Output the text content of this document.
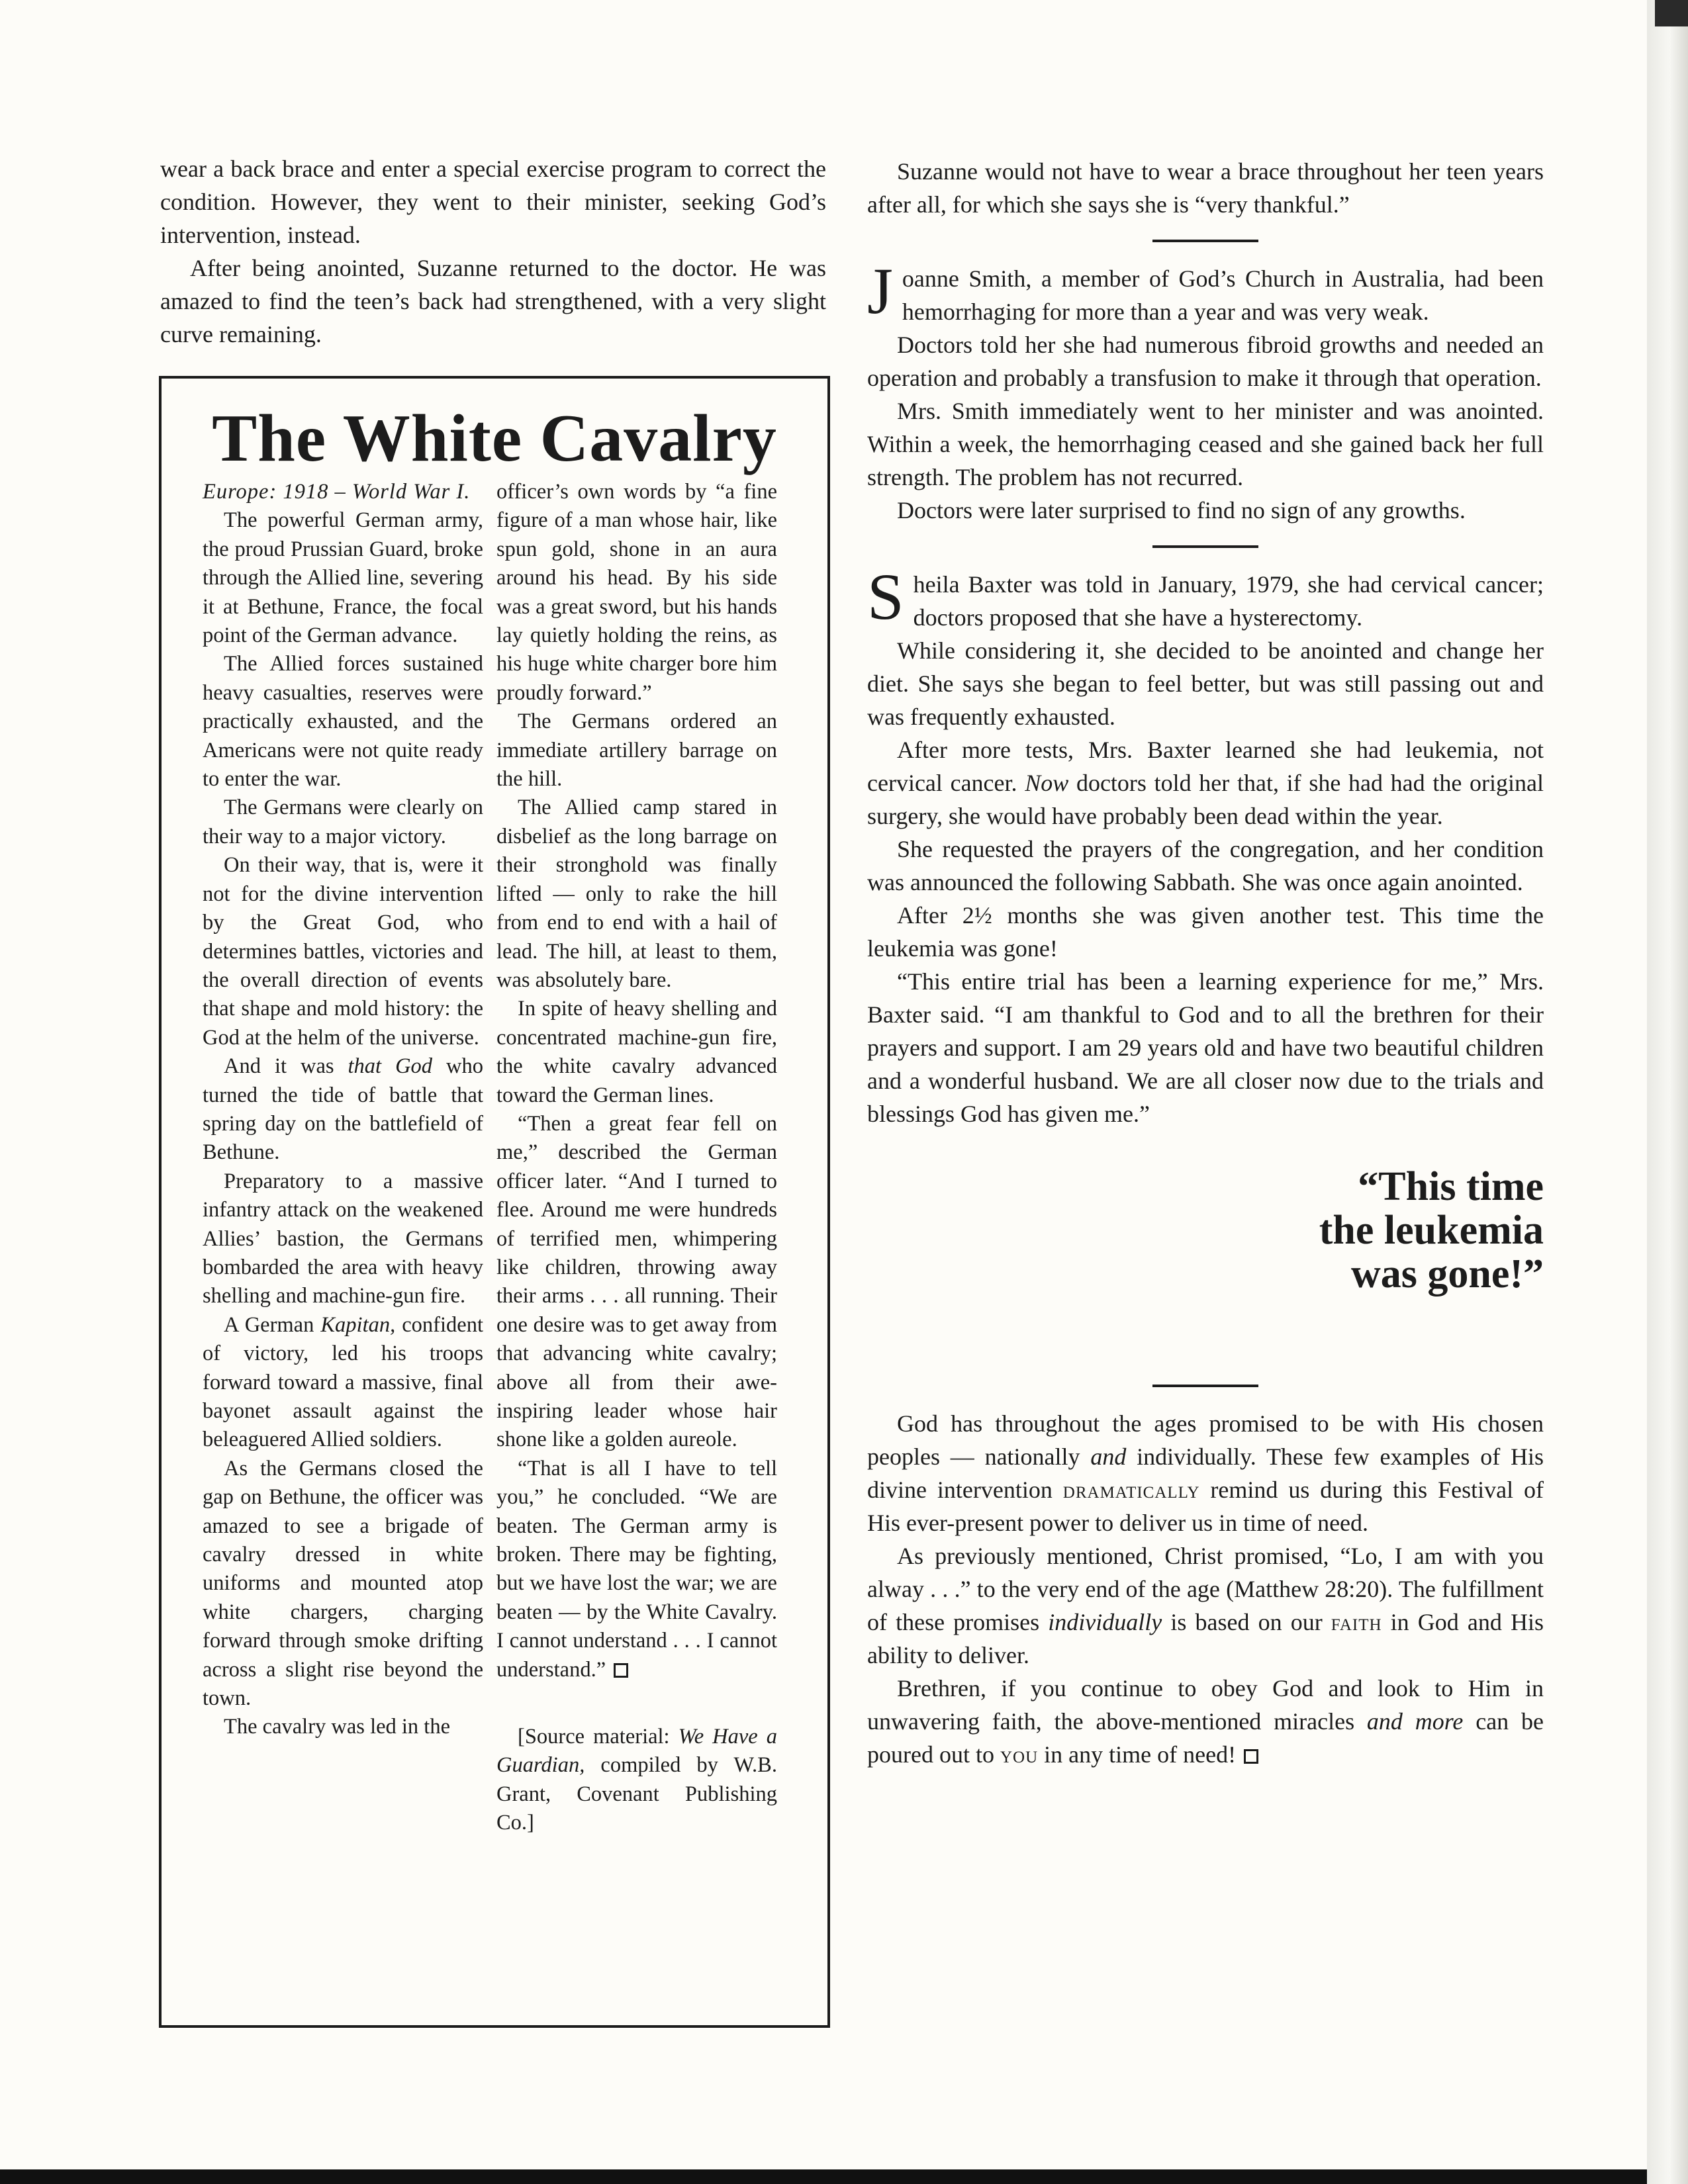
wear a back brace and enter a special exercise program to correct the condition. However, they went to their minister, seeking God’s intervention, instead.

After being anointed, Suzanne returned to the doctor. He was amazed to find the teen’s back had strengthened, with a very slight curve remaining.

The White Cavalry

Europe: 1918 – World War I.

The powerful German army, the proud Prussian Guard, broke through the Allied line, severing it at Bethune, France, the focal point of the German advance.

The Allied forces sustained heavy casualties, reserves were practically exhausted, and the Americans were not quite ready to enter the war.

The Germans were clearly on their way to a major victory.

On their way, that is, were it not for the divine intervention by the Great God, who determines battles, victories and the overall direction of events that shape and mold history: the God at the helm of the universe.

And it was that God who turned the tide of battle that spring day on the battlefield of Bethune.

Preparatory to a massive infantry attack on the weakened Allies’ bastion, the Germans bombarded the area with heavy shelling and machine-gun fire.

A German Kapitan, confident of victory, led his troops forward toward a massive, final bayonet assault against the beleaguered Allied soldiers.

As the Germans closed the gap on Bethune, the officer was amazed to see a brigade of cavalry dressed in white uniforms and mounted atop white chargers, charging forward through smoke drifting across a slight rise beyond the town.

The cavalry was led in the

officer’s own words by “a fine figure of a man whose hair, like spun gold, shone in an aura around his head. By his side was a great sword, but his hands lay quietly holding the reins, as his huge white charger bore him proudly forward.”

The Germans ordered an immediate artillery barrage on the hill.

The Allied camp stared in disbelief as the long barrage on their stronghold was finally lifted — only to rake the hill from end to end with a hail of lead. The hill, at least to them, was absolutely bare.

In spite of heavy shelling and concentrated machine-gun fire, the white cavalry advanced toward the German lines.

“Then a great fear fell on me,” described the German officer later. “And I turned to flee. Around me were hundreds of terrified men, whimpering like children, throwing away their arms . . . all running. Their one desire was to get away from that advancing white cavalry; above all from their awe-inspiring leader whose hair shone like a golden aureole.

“That is all I have to tell you,” he concluded. “We are beaten. The German army is broken. There may be fighting, but we have lost the war; we are beaten — by the White Cavalry. I cannot understand . . . I cannot understand.”

[Source material: We Have a Guardian, compiled by W.B. Grant, Covenant Publishing Co.]

Suzanne would not have to wear a brace throughout her teen years after all, for which she says she is “very thankful.”

Joanne Smith, a member of God’s Church in Australia, had been hemorrhaging for more than a year and was very weak.

Doctors told her she had numerous fibroid growths and needed an operation and probably a transfusion to make it through that operation.

Mrs. Smith immediately went to her minister and was anointed. Within a week, the hemorrhaging ceased and she gained back her full strength. The problem has not recurred.

Doctors were later surprised to find no sign of any growths.

Sheila Baxter was told in January, 1979, she had cervical cancer; doctors proposed that she have a hysterectomy.

While considering it, she decided to be anointed and change her diet. She says she began to feel better, but was still passing out and was frequently exhausted.

After more tests, Mrs. Baxter learned she had leukemia, not cervical cancer. Now doctors told her that, if she had had the original surgery, she would have probably been dead within the year.

She requested the prayers of the congregation, and her condition was announced the following Sabbath. She was once again anointed.

After 2½ months she was given another test. This time the leukemia was gone!

“This entire trial has been a learning experience for me,” Mrs. Baxter said. “I am thankful to God and to all the brethren for their prayers and support. I am 29 years old and have two beautiful children and a wonderful husband. We are all closer now due to the trials and blessings God has given me.”

“This time
the leukemia
was gone!”

God has throughout the ages promised to be with His chosen peoples — nationally and individually. These few examples of His divine intervention dramatically remind us during this Festival of His ever-present power to deliver us in time of need.

As previously mentioned, Christ promised, “Lo, I am with you alway . . .” to the very end of the age (Matthew 28:20). The fulfillment of these promises individually is based on our faith in God and His ability to deliver.

Brethren, if you continue to obey God and look to Him in unwavering faith, the above-mentioned miracles and more can be poured out to you in any time of need!
